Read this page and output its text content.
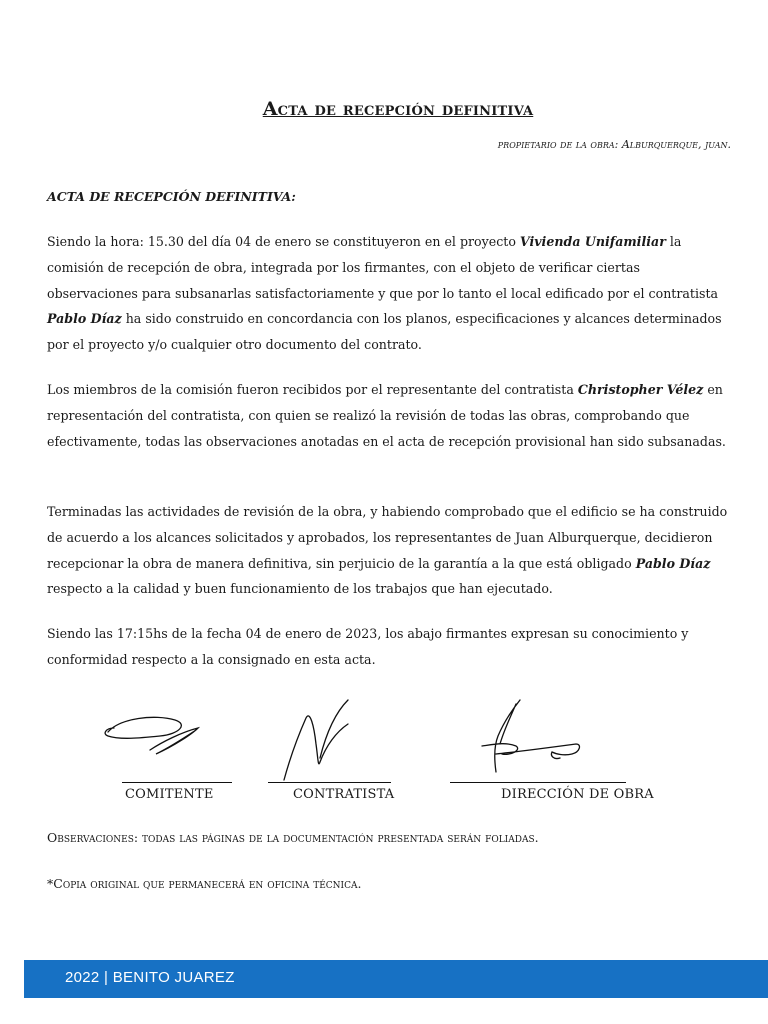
Acta de recepción definitiva
propietario de la obra: Alburquerque, juan.
ACTA DE RECEPCIÓN DEFINITIVA:
Siendo la hora: 15.30 del día 04 de enero se constituyeron en el proyecto Vivienda Unifamiliar la comisión de recepción de obra, integrada por los firmantes, con el objeto de verificar ciertas observaciones para subsanarlas satisfactoriamente y que por lo tanto el local edificado por el contratista Pablo Díaz ha sido construido en concordancia con los planos, especificaciones y alcances determinados por el proyecto y/o cualquier otro documento del contrato.
Los miembros de la comisión fueron recibidos por el representante del contratista Christopher Vélez en representación del contratista, con quien se realizó la revisión de todas las obras, comprobando que efectivamente, todas las observaciones anotadas en el acta de recepción provisional han sido subsanadas.
Terminadas las actividades de revisión de la obra, y habiendo comprobado que el edificio se ha construido de acuerdo a los alcances solicitados y aprobados, los representantes de Juan Alburquerque, decidieron recepcionar la obra de manera definitiva, sin perjuicio de la garantía a la que está obligado Pablo Díaz respecto a la calidad y buen funcionamiento de los trabajos que han ejecutado.
Siendo las 17:15hs de la fecha 04 de enero de 2023, los abajo firmantes expresan su conocimiento y conformidad respecto a la consignado en esta acta.
COMITENTE	CONTRATISTA	DIRECCIÓN DE OBRA
Observaciones: todas las páginas de la documentación presentada serán foliadas.
*Copia original que permanecerá en oficina técnica.
2022 | BENITO JUAREZ
